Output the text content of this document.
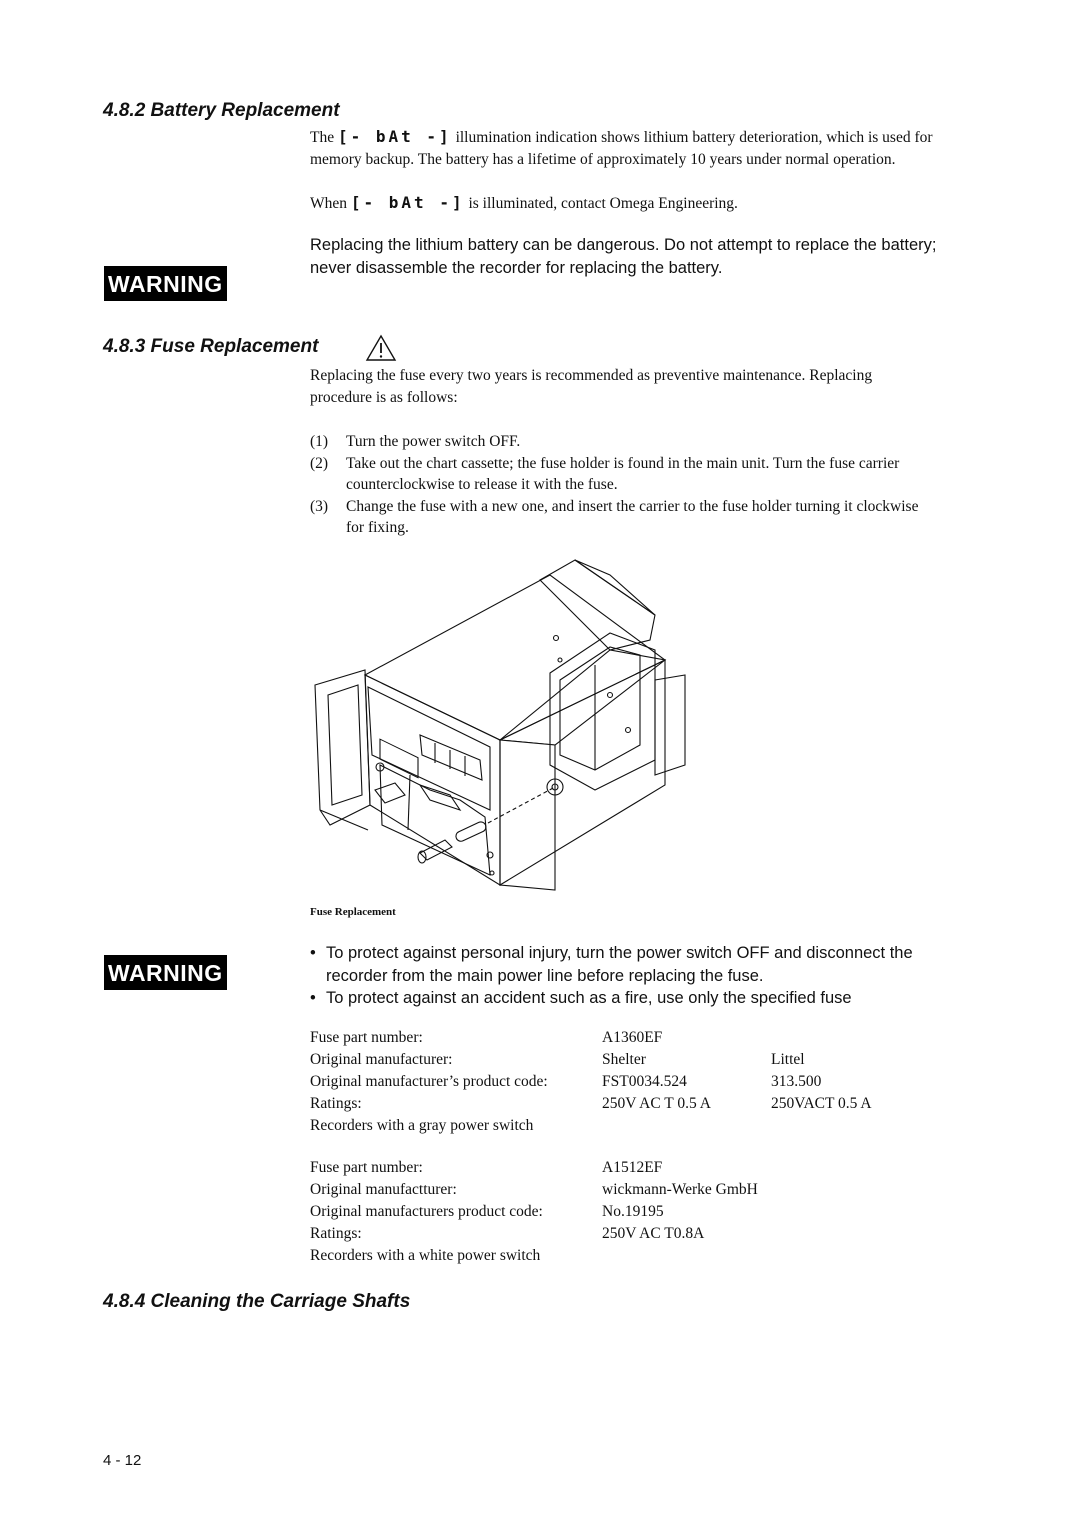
4.8.2 Battery Replacement
The [- bAt -] illumination indication shows lithium battery deterioration, which is used for memory backup. The battery has a lifetime of approximately 10 years under normal operation.
When [- bAt -] is illuminated, contact Omega Engineering.
WARNING
Replacing the lithium battery can be dangerous. Do not attempt to replace the battery; never disassemble the recorder for replacing the battery.
4.8.3 Fuse Replacement
Replacing the fuse every two years is recommended as preventive maintenance. Replacing procedure is as follows:
(1) Turn the power switch OFF.
(2) Take out the chart cassette; the fuse holder is found in the main unit. Turn the fuse carrier counterclockwise to release it with the fuse.
(3) Change the fuse with a new one, and insert the carrier to the fuse holder turning it clockwise for fixing.
Fuse Replacement
WARNING
• To protect against personal injury, turn the power switch OFF and disconnect the recorder from the main power line before replacing the fuse.
• To protect against an accident such as a fire, use only the specified fuse
Fuse part number:	A1360EF	
Original manufacturer:	Shelter	Littel
Original manufacturer’s product code:	FST0034.524	313.500
Ratings:	250V AC T 0.5 A	250VACT 0.5 A
Recorders with a gray power switch		
Fuse part number:	A1512EF	
Original manufactturer:	wickmann-Werke GmbH	
Original manufacturers product code:	No.19195	
Ratings:	250V AC T0.8A	
Recorders with a white power switch		
4.8.4 Cleaning the Carriage Shafts
4 - 12
